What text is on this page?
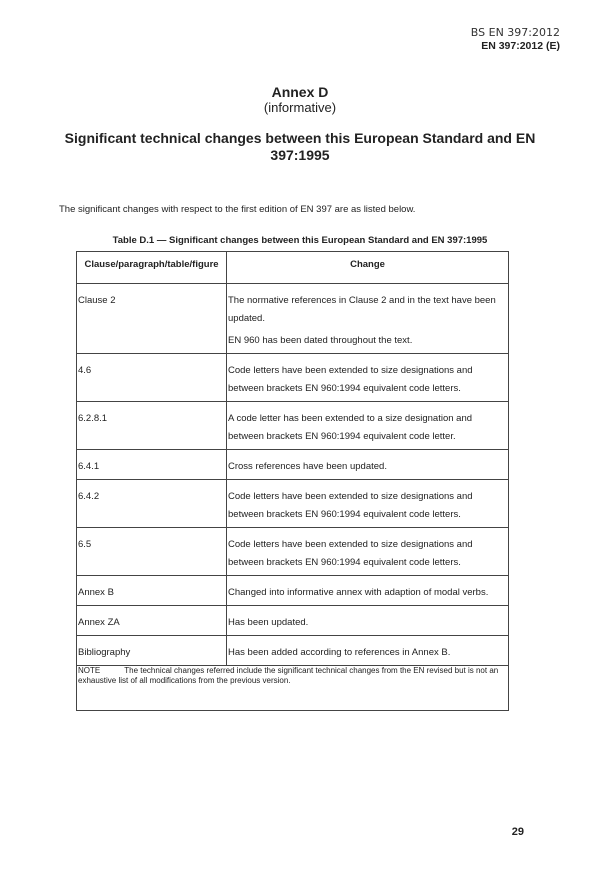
BS EN 397:2012
EN 397:2012 (E)
Annex D
(informative)
Significant technical changes between this European Standard and EN 397:1995
The significant changes with respect to the first edition of EN 397 are as listed below.
Table D.1 — Significant changes between this European Standard and EN 397:1995
Clause/paragraph/table/figure	Change

Clause 2	The normative references in Clause 2 and in the text have been updated.

EN 960 has been dated throughout the text.

4.6	Code letters have been extended to size designations and between brackets EN 960:1994 equivalent code letters.

6.2.8.1	A code letter has been extended to a size designation and between brackets EN 960:1994 equivalent code letter.

6.4.1	Cross references have been updated.

6.4.2	Code letters have been extended to size designations and between brackets EN 960:1994 equivalent code letters.

6.5	Code letters have been extended to size designations and between brackets EN 960:1994 equivalent code letters.

Annex B	Changed into informative annex with adaption of modal verbs.

Annex ZA	Has been updated.

Bibliography	Has been added according to references in Annex B.

NOTE The technical changes referred include the significant technical changes from the EN revised but is not an exhaustive list of all modifications from the previous version.	
29
